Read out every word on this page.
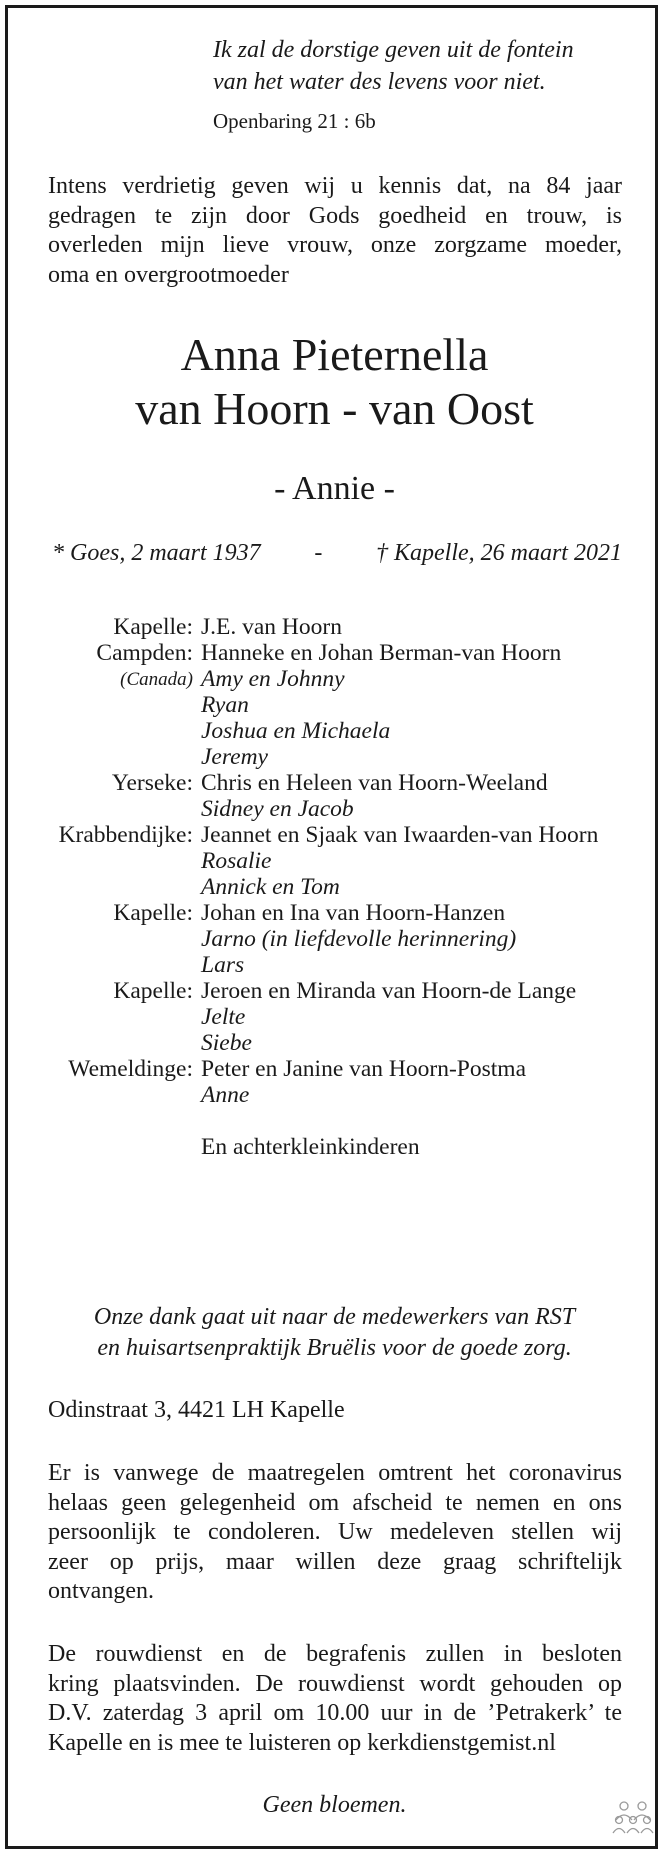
Ik zal de dorstige geven uit de fontein
van het water des levens voor niet.
Openbaring 21 : 6b
Intens verdrietig geven wij u kennis dat, na 84 jaar
gedragen te zijn door Gods goedheid en trouw, is
overleden mijn lieve vrouw, onze zorgzame moeder,
oma en overgrootmoeder
Anna Pieternella
van Hoorn - van Oost
- Annie -
* Goes, 2 maart 1937 - † Kapelle, 26 maart 2021
Kapelle: J.E. van Hoorn
Campden: Hanneke en Johan Berman-van Hoorn
(Canada) Amy en Johnny
Ryan
Joshua en Michaela
Jeremy
Yerseke: Chris en Heleen van Hoorn-Weeland
Sidney en Jacob
Krabbendijke: Jeannet en Sjaak van Iwaarden-van Hoorn
Rosalie
Annick en Tom
Kapelle: Johan en Ina van Hoorn-Hanzen
Jarno (in liefdevolle herinnering)
Lars
Kapelle: Jeroen en Miranda van Hoorn-de Lange
Jelte
Siebe
Wemeldinge: Peter en Janine van Hoorn-Postma
Anne
En achterkleinkinderen
Onze dank gaat uit naar de medewerkers van RST
en huisartsenpraktijk Bruëlis voor de goede zorg.
Odinstraat 3, 4421 LH Kapelle
Er is vanwege de maatregelen omtrent het coronavirus
helaas geen gelegenheid om afscheid te nemen en ons
persoonlijk te condoleren. Uw medeleven stellen wij
zeer op prijs, maar willen deze graag schriftelijk
ontvangen.
De rouwdienst en de begrafenis zullen in besloten
kring plaatsvinden. De rouwdienst wordt gehouden op
D.V. zaterdag 3 april om 10.00 uur in de ’Petrakerk’ te
Kapelle en is mee te luisteren op kerkdienstgemist.nl
Geen bloemen.
